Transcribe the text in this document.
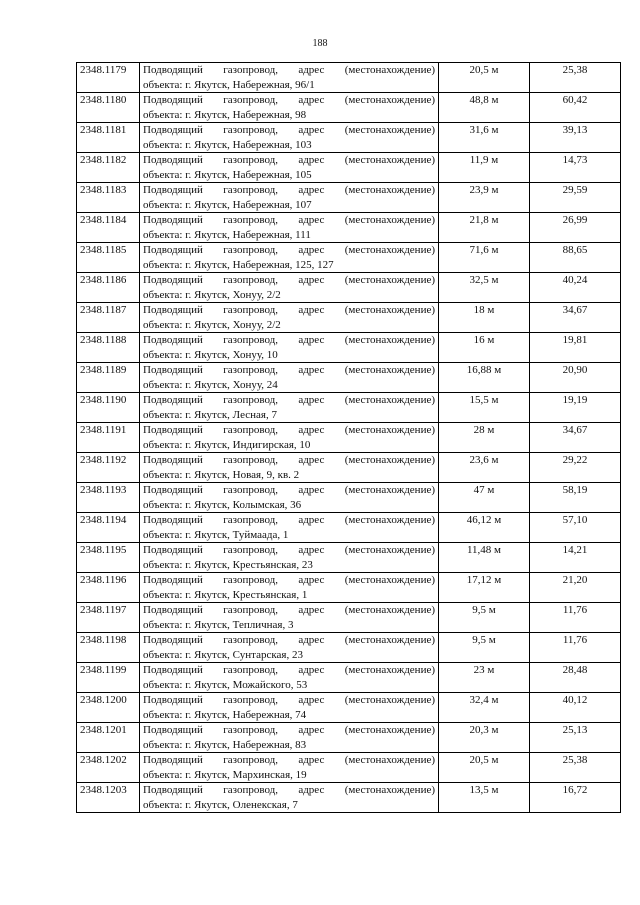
188
2348.1179	Подводящий газопровод, адрес (местонахождение)
объекта: г. Якутск, Набережная, 96/1	20,5 м	25,38
2348.1180	Подводящий газопровод, адрес (местонахождение)
объекта: г. Якутск, Набережная, 98	48,8 м	60,42
2348.1181	Подводящий газопровод, адрес (местонахождение)
объекта: г. Якутск, Набережная, 103	31,6 м	39,13
2348.1182	Подводящий газопровод, адрес (местонахождение)
объекта: г. Якутск, Набережная, 105	11,9 м	14,73
2348.1183	Подводящий газопровод, адрес (местонахождение)
объекта: г. Якутск, Набережная, 107	23,9 м	29,59
2348.1184	Подводящий газопровод, адрес (местонахождение)
объекта: г. Якутск, Набережная, 111	21,8 м	26,99
2348.1185	Подводящий газопровод, адрес (местонахождение)
объекта: г. Якутск, Набережная, 125, 127	71,6 м	88,65
2348.1186	Подводящий газопровод, адрес (местонахождение)
объекта: г. Якутск, Хонуу, 2/2	32,5 м	40,24
2348.1187	Подводящий газопровод, адрес (местонахождение)
объекта: г. Якутск, Хонуу, 2/2	18 м	34,67
2348.1188	Подводящий газопровод, адрес (местонахождение)
объекта: г. Якутск, Хонуу, 10	16 м	19,81
2348.1189	Подводящий газопровод, адрес (местонахождение)
объекта: г. Якутск, Хонуу, 24	16,88 м	20,90
2348.1190	Подводящий газопровод, адрес (местонахождение)
объекта: г. Якутск, Лесная, 7	15,5 м	19,19
2348.1191	Подводящий газопровод, адрес (местонахождение)
объекта: г. Якутск, Индигирская, 10	28 м	34,67
2348.1192	Подводящий газопровод, адрес (местонахождение)
объекта: г. Якутск, Новая, 9, кв. 2	23,6 м	29,22
2348.1193	Подводящий газопровод, адрес (местонахождение)
объекта: г. Якутск, Колымская, 36	47 м	58,19
2348.1194	Подводящий газопровод, адрес (местонахождение)
объекта: г. Якутск, Туймаада, 1	46,12 м	57,10
2348.1195	Подводящий газопровод, адрес (местонахождение)
объекта: г. Якутск, Крестьянская, 23	11,48 м	14,21
2348.1196	Подводящий газопровод, адрес (местонахождение)
объекта: г. Якутск, Крестьянская, 1	17,12 м	21,20
2348.1197	Подводящий газопровод, адрес (местонахождение)
объекта: г. Якутск, Тепличная, 3	9,5 м	11,76
2348.1198	Подводящий газопровод, адрес (местонахождение)
объекта: г. Якутск, Сунтарская, 23	9,5 м	11,76
2348.1199	Подводящий газопровод, адрес (местонахождение)
объекта: г. Якутск, Можайского, 53	23 м	28,48
2348.1200	Подводящий газопровод, адрес (местонахождение)
объекта: г. Якутск, Набережная, 74	32,4 м	40,12
2348.1201	Подводящий газопровод, адрес (местонахождение)
объекта: г. Якутск, Набережная, 83	20,3 м	25,13
2348.1202	Подводящий газопровод, адрес (местонахождение)
объекта: г. Якутск, Мархинская, 19	20,5 м	25,38
2348.1203	Подводящий газопровод, адрес (местонахождение)
объекта: г. Якутск, Оленекская, 7	13,5 м	16,72
